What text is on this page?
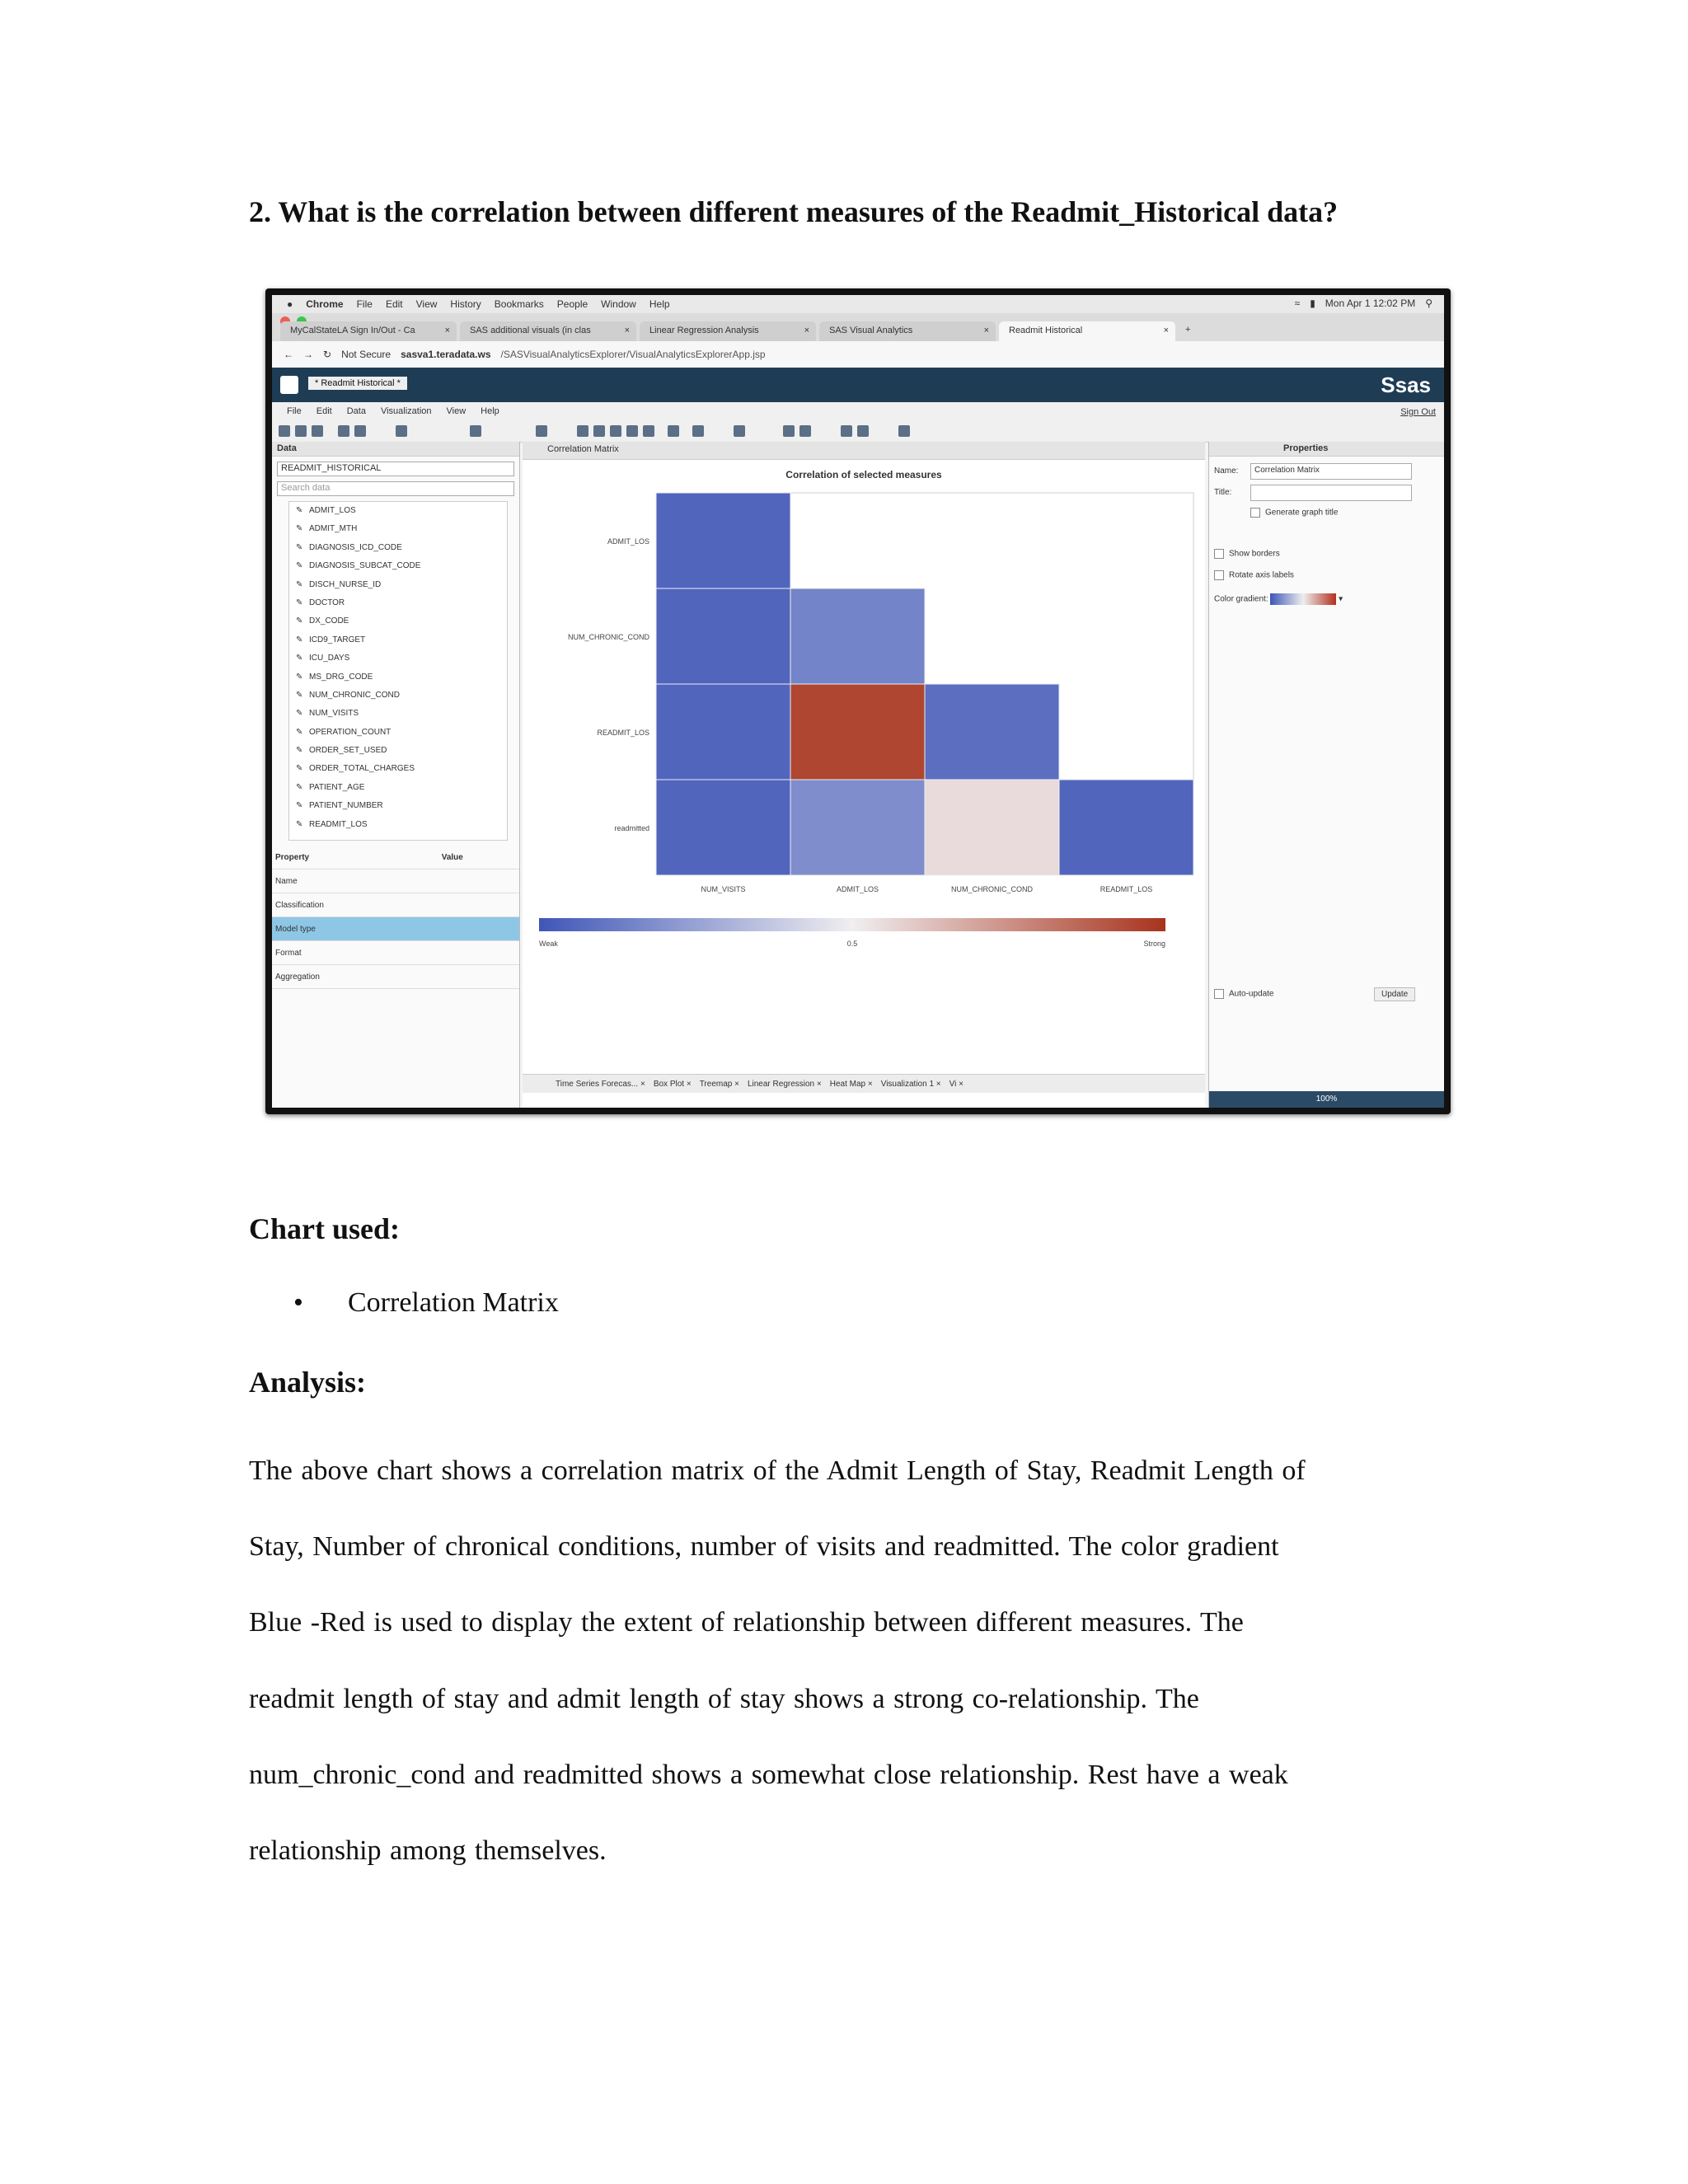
2. What is the correlation between different measures of the Readmit_Historical data?
● Chrome File Edit View History Bookmarks People Window Help	≈ ▮ Mon Apr 1 12:02 PM ⚲
MyCalStateLA Sign In/Out - Ca	×	SAS additional visuals (in clas	×	Linear Regression Analysis	×	SAS Visual Analytics	×	Readmit Historical	×	+
← → ↻ Not Secure sasva1.teradata.ws /SASVisualAnalyticsExplorer/VisualAnalyticsExplorerApp.jsp
* Readmit Historical *	Ssas
File Edit Data Visualization View Help	Sign Out
Data
READMIT_HISTORICAL
Search data
✎ ADMIT_LOS
✎ ADMIT_MTH
✎ DIAGNOSIS_ICD_CODE
✎ DIAGNOSIS_SUBCAT_CODE
✎ DISCH_NURSE_ID
✎ DOCTOR
✎ DX_CODE
✎ ICD9_TARGET
✎ ICU_DAYS
✎ MS_DRG_CODE
✎ NUM_CHRONIC_COND
✎ NUM_VISITS
✎ OPERATION_COUNT
✎ ORDER_SET_USED
✎ ORDER_TOTAL_CHARGES
✎ PATIENT_AGE
✎ PATIENT_NUMBER
✎ READMIT_LOS
Property	Value
Name	
Classification	
Model type	
Format	
Aggregation	
Correlation Matrix
Correlation of selected measures
ADMIT_LOS
NUM_CHRONIC_COND
READMIT_LOS
readmitted
NUM_VISITS	ADMIT_LOS	NUM_CHRONIC_COND	READMIT_LOS
Weak	0.5	Strong
Time Series Forecas... × Box Plot × Treemap × Linear Regression × Heat Map × Visualization 1 × Vi ×
Properties
Name:	Correlation Matrix
Title:
Generate graph title
Show borders
Rotate axis labels
Color gradient:	▾
Auto-update	Update
100%
Chart used:
• Correlation Matrix
Analysis:
The above chart shows a correlation matrix of the Admit Length of Stay, Readmit Length of
Stay, Number of chronical conditions, number of visits and readmitted. The color gradient
Blue -Red is used to display the extent of relationship between different measures. The
readmit length of stay and admit length of stay shows a strong co-relationship. The
num_chronic_cond and readmitted shows a somewhat close relationship. Rest have a weak
relationship among themselves.
